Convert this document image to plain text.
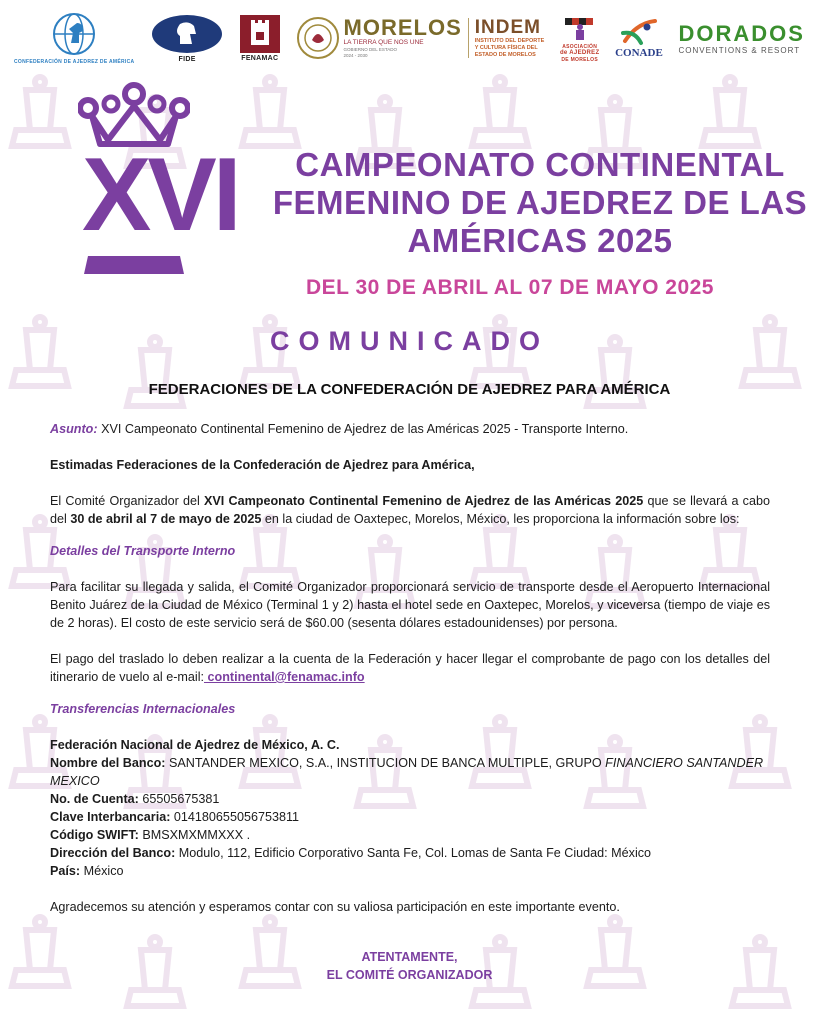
CONFEDERACIÓN DE AJEDREZ DE AMÉRICA	FIDE	FENAMAC
MORELOS
LA TIERRA QUE NOS UNE
GOBIERNO DEL ESTADO
2024 - 2030
INDEM
INSTITUTO DEL DEPORTE
Y CULTURA FÍSICA DEL
ESTADO DE MORELOS
ASOCIACIÓN
de AJEDREZ
DE MORELOS
CONADE
DORADOS
CONVENTIONS & RESORT
XVI	CAMPEONATO CONTINENTAL
FEMENINO DE AJEDREZ DE LAS
AMÉRICAS 2025
DEL 30 DE ABRIL AL 07 DE MAYO 2025
COMUNICADO
FEDERACIONES DE LA CONFEDERACIÓN DE AJEDREZ PARA AMÉRICA

Asunto: XVI Campeonato Continental Femenino de Ajedrez de las Américas 2025 - Transporte Interno.

Estimadas Federaciones de la Confederación de Ajedrez para América,

El Comité Organizador del XVI Campeonato Continental Femenino de Ajedrez de las Américas 2025 que se llevará a cabo del 30 de abril al 7 de mayo de 2025 en la ciudad de Oaxtepec, Morelos, México, les proporciona la información sobre los:

Detalles del Transporte Interno

Para facilitar su llegada y salida, el Comité Organizador proporcionará servicio de transporte desde el Aeropuerto Internacional Benito Juárez de la Ciudad de México (Terminal 1 y 2) hasta el hotel sede en Oaxtepec, Morelos, y viceversa (tiempo de viaje es de 2 horas). El costo de este servicio será de $60.00 (sesenta dólares estadounidenses) por persona.

El pago del traslado lo deben realizar a la cuenta de la Federación y hacer llegar el comprobante de pago con los detalles del itinerario de vuelo al e-mail: continental@fenamac.info

Transferencias Internacionales

Federación Nacional de Ajedrez de México, A. C.

Nombre del Banco: SANTANDER MEXICO, S.A., INSTITUCION DE BANCA MULTIPLE, GRUPO FINANCIERO SANTANDER MEXICO

No. de Cuenta: 65505675381

Clave Interbancaria: 014180655056753811

Código SWIFT: BMSXMXMMXXX .

Dirección del Banco: Modulo, 112, Edificio Corporativo Santa Fe, Col. Lomas de Santa Fe Ciudad: México

País: México

Agradecemos su atención y esperamos contar con su valiosa participación en este importante evento.

ATENTAMENTE,
EL COMITÉ ORGANIZADOR
